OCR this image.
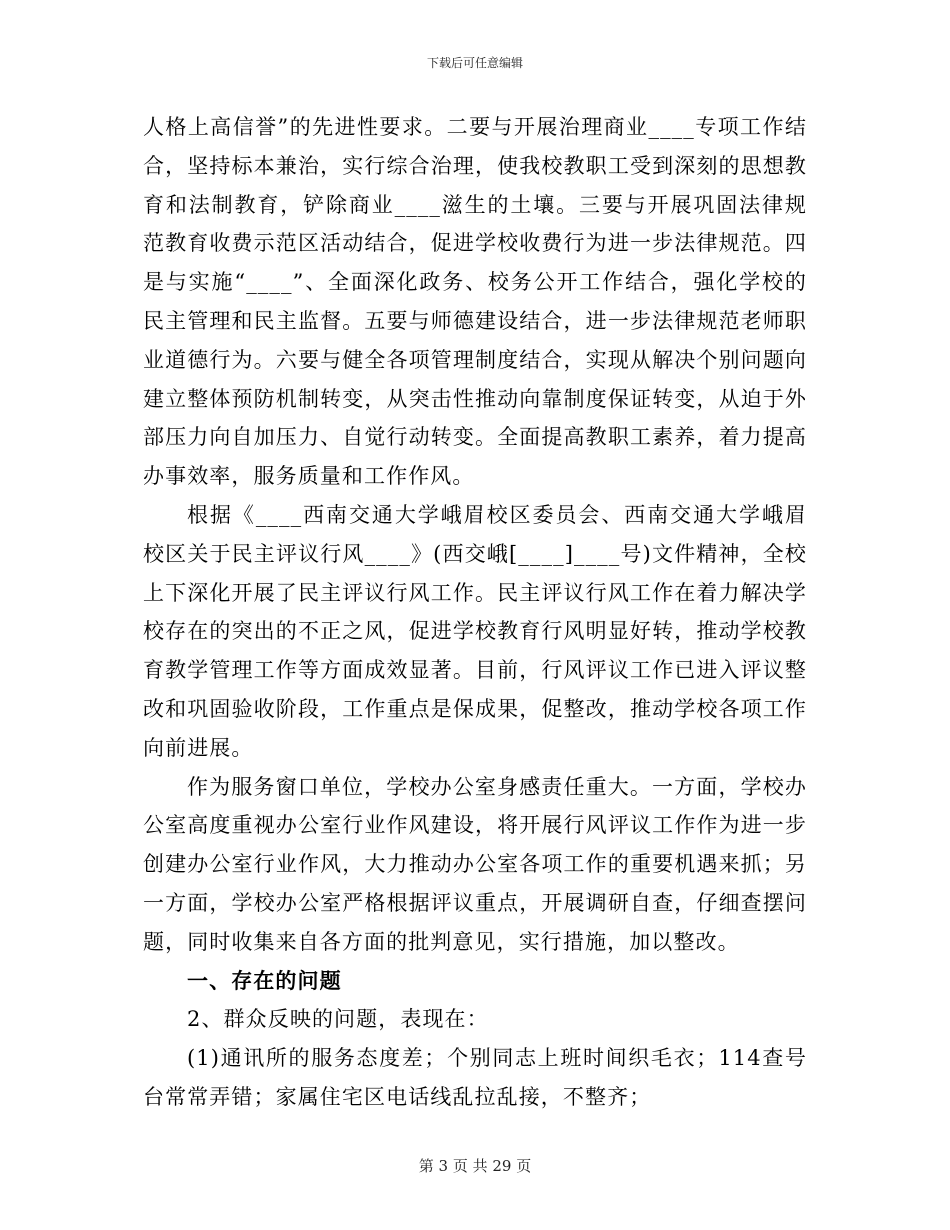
下载后可任意编辑

人格上高信誉”的先进性要求。二要与开展治理商业____专项工作结合，坚持标本兼治，实行综合治理，使我校教职工受到深刻的思想教育和法制教育，铲除商业____滋生的土壤。三要与开展巩固法律规范教育收费示范区活动结合，促进学校收费行为进一步法律规范。四是与实施“____”、全面深化政务、校务公开工作结合，强化学校的民主管理和民主监督。五要与师德建设结合，进一步法律规范老师职业道德行为。六要与健全各项管理制度结合，实现从解决个别问题向建立整体预防机制转变，从突击性推动向靠制度保证转变，从迫于外部压力向自加压力、自觉行动转变。全面提高教职工素养，着力提高办事效率，服务质量和工作作风。

根据《____西南交通大学峨眉校区委员会、西南交通大学峨眉校区关于民主评议行风____》(西交峨[____]____号)文件精神，全校上下深化开展了民主评议行风工作。民主评议行风工作在着力解决学校存在的突出的不正之风，促进学校教育行风明显好转，推动学校教育教学管理工作等方面成效显著。目前，行风评议工作已进入评议整改和巩固验收阶段，工作重点是保成果，促整改，推动学校各项工作向前进展。

作为服务窗口单位，学校办公室身感责任重大。一方面，学校办公室高度重视办公室行业作风建设，将开展行风评议工作作为进一步创建办公室行业作风，大力推动办公室各项工作的重要机遇来抓；另一方面，学校办公室严格根据评议重点，开展调研自查，仔细查摆问题，同时收集来自各方面的批判意见，实行措施，加以整改。

一、存在的问题

2、群众反映的问题，表现在：

(1)通讯所的服务态度差；个别同志上班时间织毛衣；114查号台常常弄错；家属住宅区电话线乱拉乱接，不整齐；

第 3 页 共 29 页
